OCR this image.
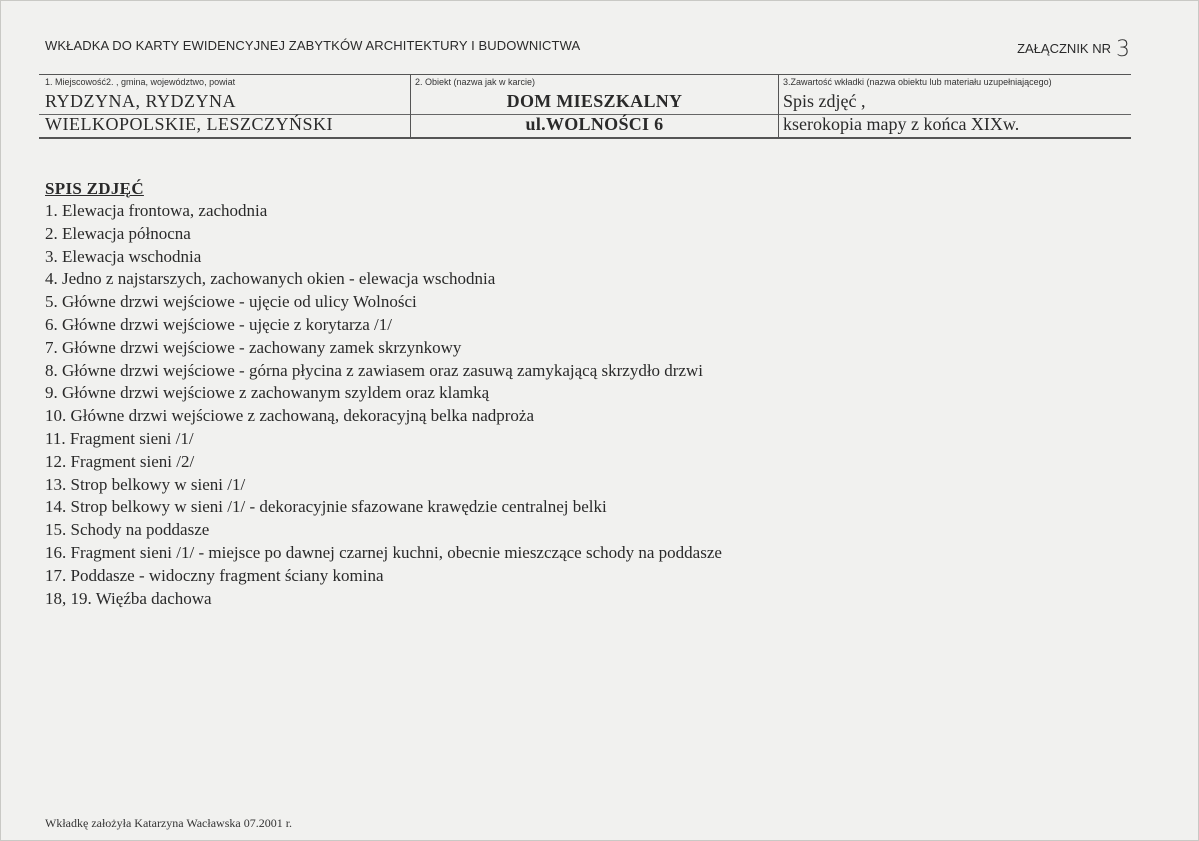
WKŁADKA DO KARTY EWIDENCYJNEJ ZABYTKÓW ARCHITEKTURY I BUDOWNICTWA	ZAŁĄCZNIK NR 3
1. Miejscowość2. , gmina, województwo, powiat
RYDZYNA, RYDZYNA
WIELKOPOLSKIE, LESZCZYŃSKI
2. Obiekt (nazwa jak w karcie)
DOM MIESZKALNY
ul.WOLNOŚCI 6
3.Zawartość wkładki (nazwa obiektu lub materiału uzupełniającego)
Spis zdjęć ,
kserokopia mapy z końca XIXw.
SPIS ZDJĘĆ
1. Elewacja frontowa, zachodnia
2. Elewacja północna
3. Elewacja wschodnia
4. Jedno z najstarszych, zachowanych okien - elewacja wschodnia
5. Główne drzwi wejściowe - ujęcie od ulicy Wolności
6. Główne drzwi wejściowe - ujęcie z korytarza /1/
7. Główne drzwi wejściowe - zachowany zamek skrzynkowy
8. Główne drzwi wejściowe - górna płycina z zawiasem oraz zasuwą zamykającą skrzydło drzwi
9. Główne drzwi wejściowe z zachowanym szyldem oraz klamką
10. Główne drzwi wejściowe z zachowaną, dekoracyjną belka nadproża
11. Fragment sieni /1/
12. Fragment sieni /2/
13. Strop belkowy w sieni /1/
14. Strop belkowy w sieni /1/ - dekoracyjnie sfazowane krawędzie centralnej belki
15. Schody na poddasze
16. Fragment sieni /1/ - miejsce po dawnej czarnej kuchni, obecnie mieszczące schody na poddasze
17. Poddasze - widoczny fragment ściany komina
18, 19. Więźba dachowa
Wkładkę założyła Katarzyna Wacławska 07.2001 r.
